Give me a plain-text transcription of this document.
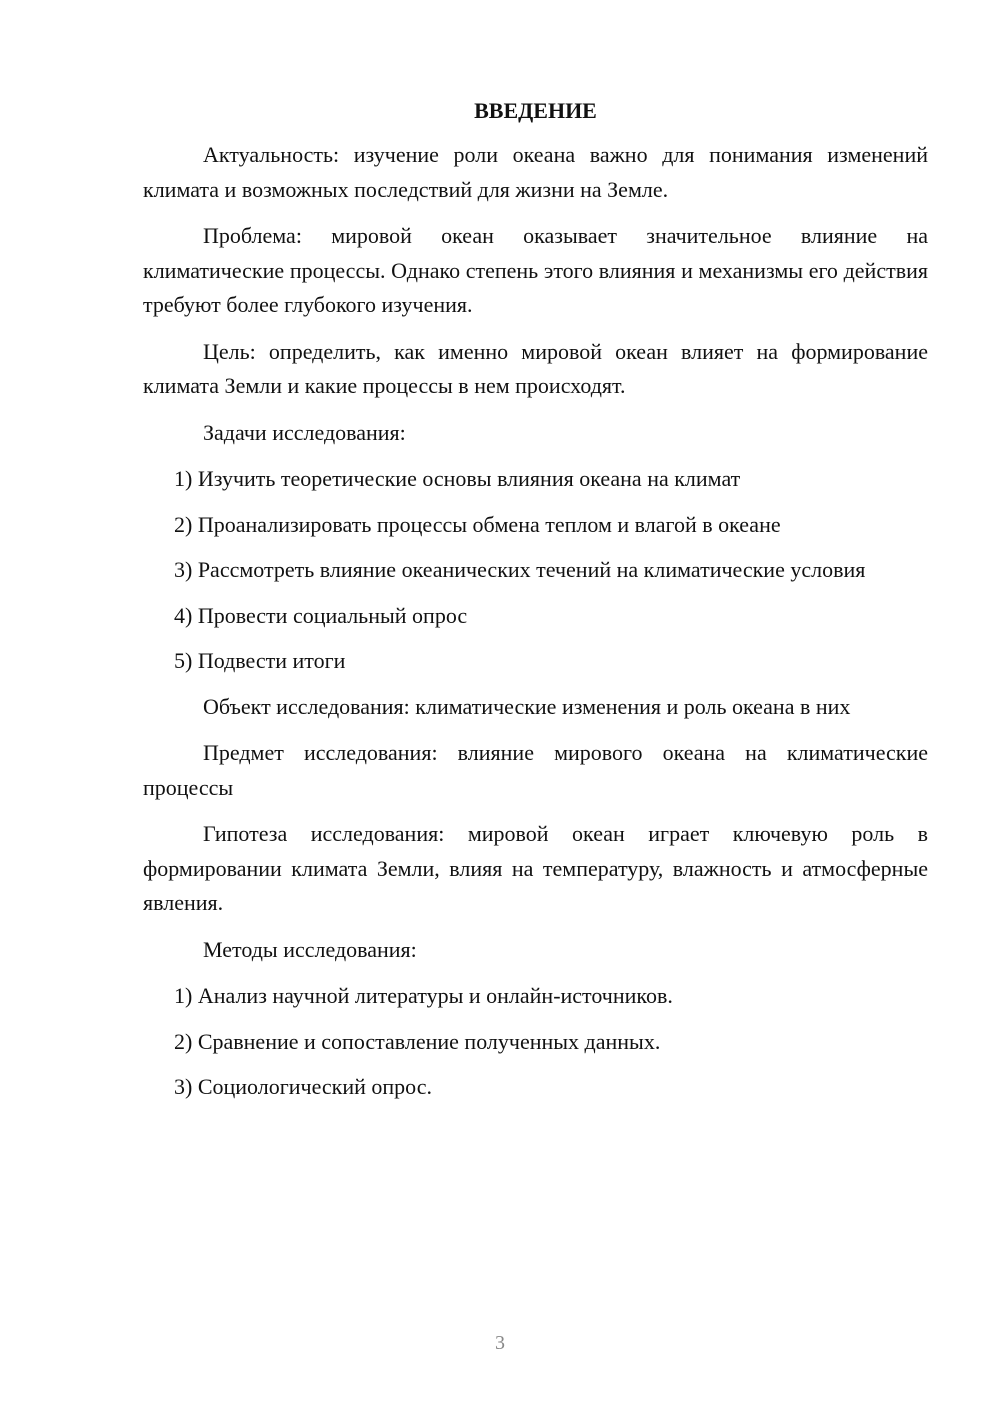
ВВЕДЕНИЕ
Актуальность: изучение роли океана важно для понимания изменений климата и возможных последствий для жизни на Земле.
Проблема: мировой океан оказывает значительное влияние на климатические процессы. Однако степень этого влияния и механизмы его действия требуют более глубокого изучения.
Цель: определить, как именно мировой океан влияет на формирование климата Земли и какие процессы в нем происходят.
Задачи исследования:
1) Изучить теоретические основы влияния океана на климат
2) Проанализировать процессы обмена теплом и влагой в океане
3) Рассмотреть влияние океанических течений на климатические условия
4) Провести социальный опрос
5) Подвести итоги
Объект исследования: климатические изменения и роль океана в них
Предмет исследования: влияние мирового океана на климатические процессы
Гипотеза исследования: мировой океан играет ключевую роль в формировании климата Земли, влияя на температуру, влажность и атмосферные явления.
Методы исследования:
1) Анализ научной литературы и онлайн-источников.
2) Сравнение и сопоставление полученных данных.
3) Социологический опрос.
3
